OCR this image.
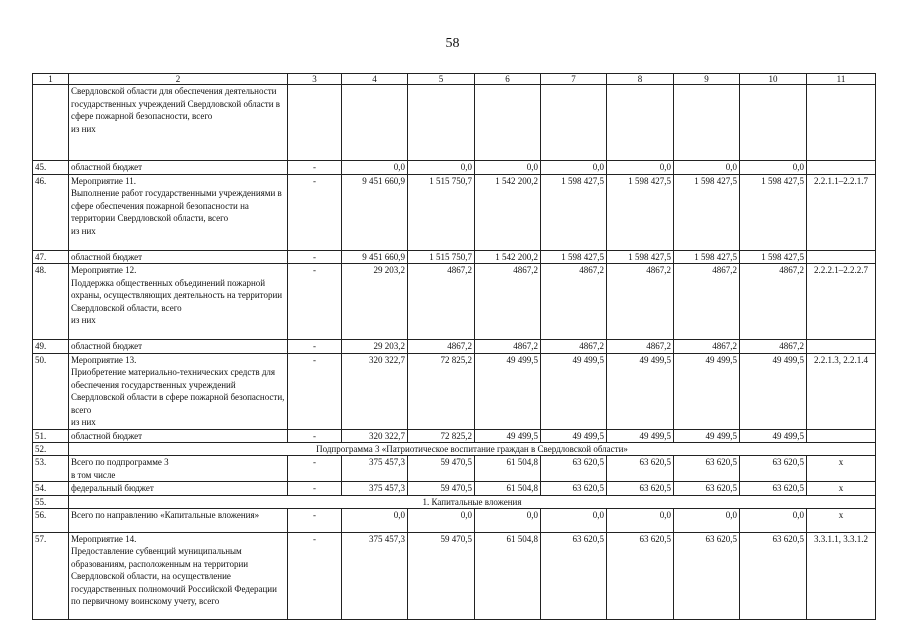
58
1	2	3	4	5	6	7	8	9	10	11
	Свердловской области для обеспечения деятельности государственных учреждений Свердловской области в сфере пожарной безопасности, всего
из них									
45.	областной бюджет	-	0,0	0,0	0,0	0,0	0,0	0,0	0,0	
46.	Мероприятие 11.
Выполнение работ государственными учреждениями в сфере обеспечения пожарной безопасности на территории Свердловской области, всего
из них	-	9 451 660,9	1 515 750,7	1 542 200,2	1 598 427,5	1 598 427,5	1 598 427,5	1 598 427,5	2.2.1.1–2.2.1.7
47.	областной бюджет	-	9 451 660,9	1 515 750,7	1 542 200,2	1 598 427,5	1 598 427,5	1 598 427,5	1 598 427,5	
48.	Мероприятие 12.
Поддержка общественных объединений пожарной охраны, осуществляющих деятельность на территории Свердловской области, всего
из них	-	29 203,2	4867,2	4867,2	4867,2	4867,2	4867,2	4867,2	2.2.2.1–2.2.2.7
49.	областной бюджет	-	29 203,2	4867,2	4867,2	4867,2	4867,2	4867,2	4867,2	
50.	Мероприятие 13.
Приобретение материально-технических средств для обеспечения государственных учреждений Свердловской области в сфере пожарной безопасности, всего
из них	-	320 322,7	72 825,2	49 499,5	49 499,5	49 499,5	49 499,5	49 499,5	2.2.1.3, 2.2.1.4
51.	областной бюджет	-	320 322,7	72 825,2	49 499,5	49 499,5	49 499,5	49 499,5	49 499,5	
52.	Подпрограмма 3 «Патриотическое воспитание граждан в Свердловской области»									
53.	Всего по подпрограмме 3
в том числе	-	375 457,3	59 470,5	61 504,8	63 620,5	63 620,5	63 620,5	63 620,5	x
54.	федеральный бюджет	-	375 457,3	59 470,5	61 504,8	63 620,5	63 620,5	63 620,5	63 620,5	x
55.	1. Капитальные вложения									
56.	Всего по направлению «Капитальные вложения»	-	0,0	0,0	0,0	0,0	0,0	0,0	0,0	x
57.	Мероприятие 14.
Предоставление субвенций муниципальным образованиям, расположенным на территории Свердловской области, на осуществление государственных полномочий Российской Федерации по первичному воинскому учету, всего	-	375 457,3	59 470,5	61 504,8	63 620,5	63 620,5	63 620,5	63 620,5	3.3.1.1, 3.3.1.2
